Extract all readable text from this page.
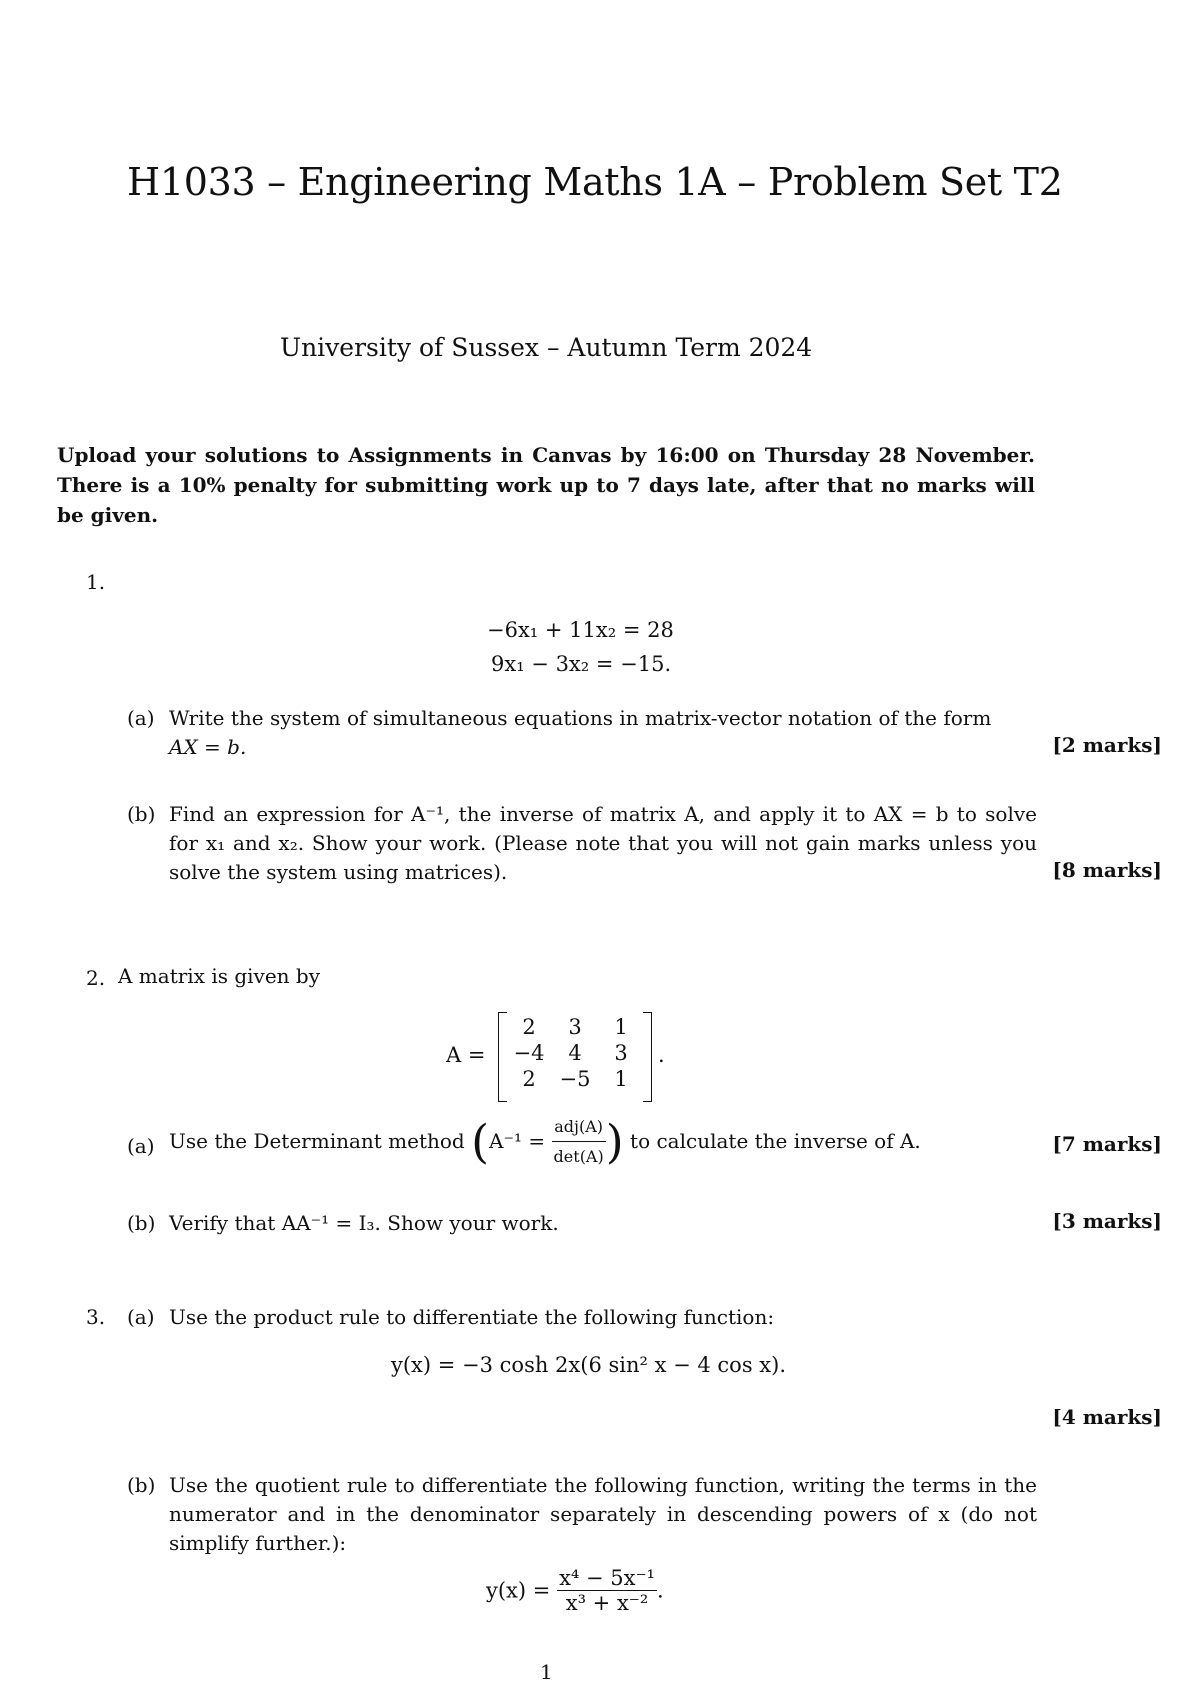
H1033 – Engineering Maths 1A – Problem Set T2
University of Sussex – Autumn Term 2024
Upload your solutions to Assignments in Canvas by 16:00 on Thursday 28 November. There is a 10% penalty for submitting work up to 7 days late, after that no marks will be given.
1.
−6x₁ + 11x₂ = 28
9x₁ − 3x₂ = −15.
(a) Write the system of simultaneous equations in matrix-vector notation of the form
AX = b.	[2 marks]
(b) Find an expression for A⁻¹, the inverse of matrix A, and apply it to AX = b to solve for x₁ and x₂. Show your work. (Please note that you will not gain marks unless you solve the system using matrices).	[8 marks]
2. A matrix is given by
A =
2	3	1
−4	4	3
2	−5	1
.
(a) Use the Determinant method ($A^{-1} = \frac{\text{adj(A)}}{\det(A)}$ ) to calculate the inverse of A.	[7 marks]
(b) Verify that AA⁻¹ = I₃. Show your work.	[3 marks]
3. (a) Use the product rule to differentiate the following function:
y(x) = −3 cosh 2x(6 sin² x − 4 cos x).
[4 marks]
(b) Use the quotient rule to differentiate the following function, writing the terms in the numerator and in the denominator separately in descending powers of x (do not simplify further.):
$y(x) = \frac{\text{x⁴ − 5x⁻¹}}{\text{x³ + x⁻²}}$ .
1
